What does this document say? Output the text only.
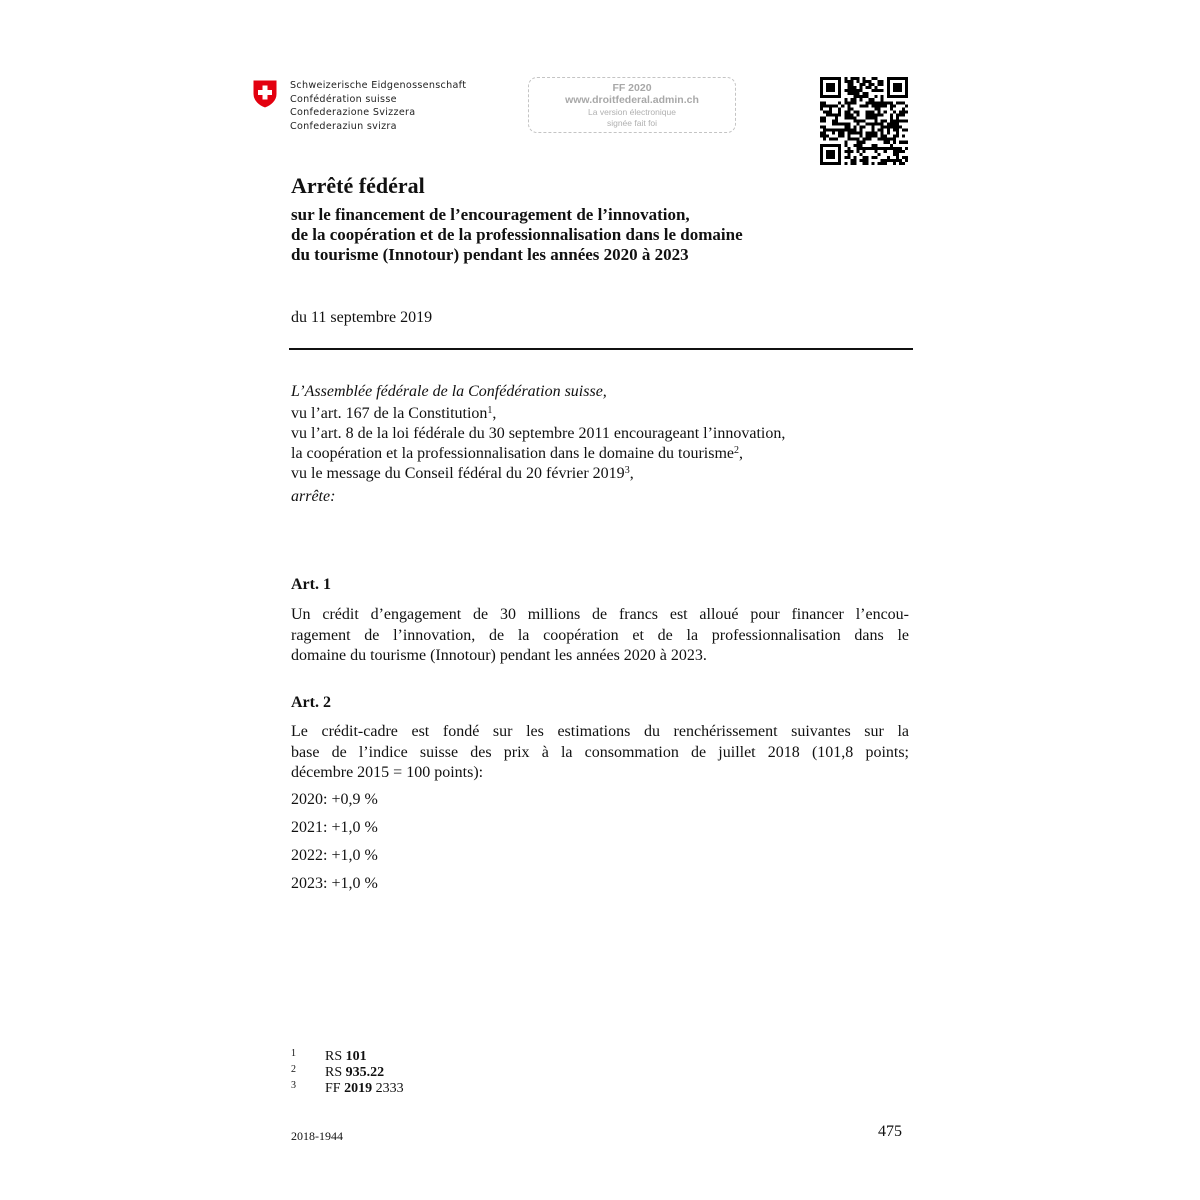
Schweizerische Eidgenossenschaft
Confédération suisse
Confederazione Svizzera
Confederaziun svizra
FF 2020
www.droitfederal.admin.ch
La version électronique
signée fait foi
Arrêté fédéral
sur le financement de l’encouragement de l’innovation,
de la coopération et de la professionnalisation dans le domaine
du tourisme (Innotour) pendant les années 2020 à 2023
du 11 septembre 2019
L’Assemblée fédérale de la Confédération suisse,
vu l’art. 167 de la Constitution$^1$,
vu l’art. 8 de la loi fédérale du 30 septembre 2011 encourageant l’innovation,
la coopération et la professionnalisation dans le domaine du tourisme$^2$,
vu le message du Conseil fédéral du 20 février 2019$^3$,
arrête:
Art. 1
Un crédit d’engagement de 30 millions de francs est alloué pour financer l’encou-
ragement de l’innovation, de la coopération et de la professionnalisation dans le
domaine du tourisme (Innotour) pendant les années 2020 à 2023.
Art. 2
Le crédit-cadre est fondé sur les estimations du renchérissement suivantes sur la
base de l’indice suisse des prix à la consommation de juillet 2018 (101,8 points;
décembre 2015 = 100 points):
2020: +0,9 %
2021: +1,0 %
2022: +1,0 %
2023: +1,0 %
1 RS 101
2 RS 935.22
3 FF 2019 2333
2018-1944	475
